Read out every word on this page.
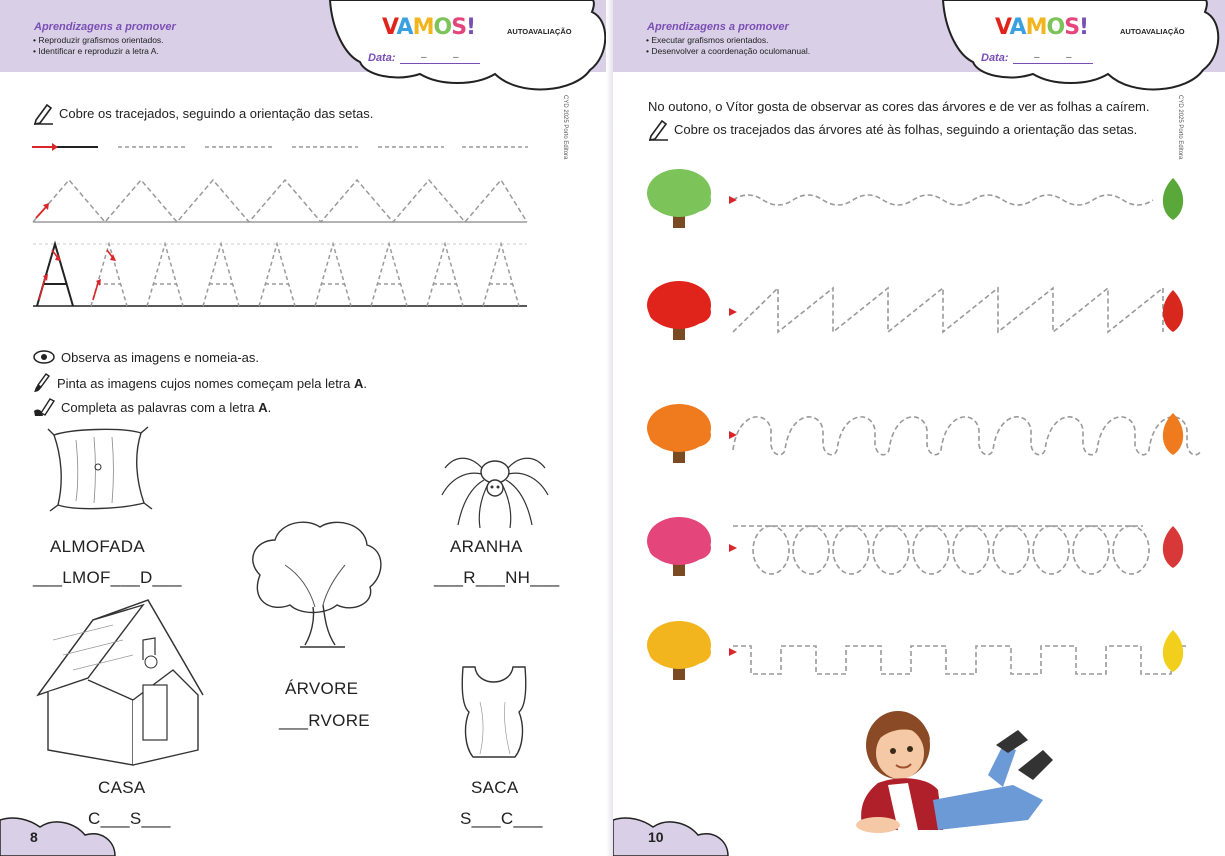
Aprendizagens a promover
• Reproduzir grafismos orientados.
• Identificar e reproduzir a letra A.
VAMOS!
Data:	–	–
AUTOAVALIAÇÃO
CYD 2025 Porto Editora
Cobre os tracejados, seguindo a orientação das setas.
Observa as imagens e nomeia-as.
Pinta as imagens cujos nomes começam pela letra A.
Completa as palavras com a letra A.
ALMOFADA
___LMOF___D___
ÁRVORE
___RVORE
ARANHA
___R___NH___
CASA
C___S___
SACA
S___C___
8
Aprendizagens a promover
• Executar grafismos orientados.
• Desenvolver a coordenação oculomanual.
VAMOS!
Data:	–	–
AUTOAVALIAÇÃO
CYD 2025 Porto Editora
No outono, o Vítor gosta de observar as cores das árvores e de ver as folhas a caírem.
Cobre os tracejados das árvores até às folhas, seguindo a orientação das setas.
10
